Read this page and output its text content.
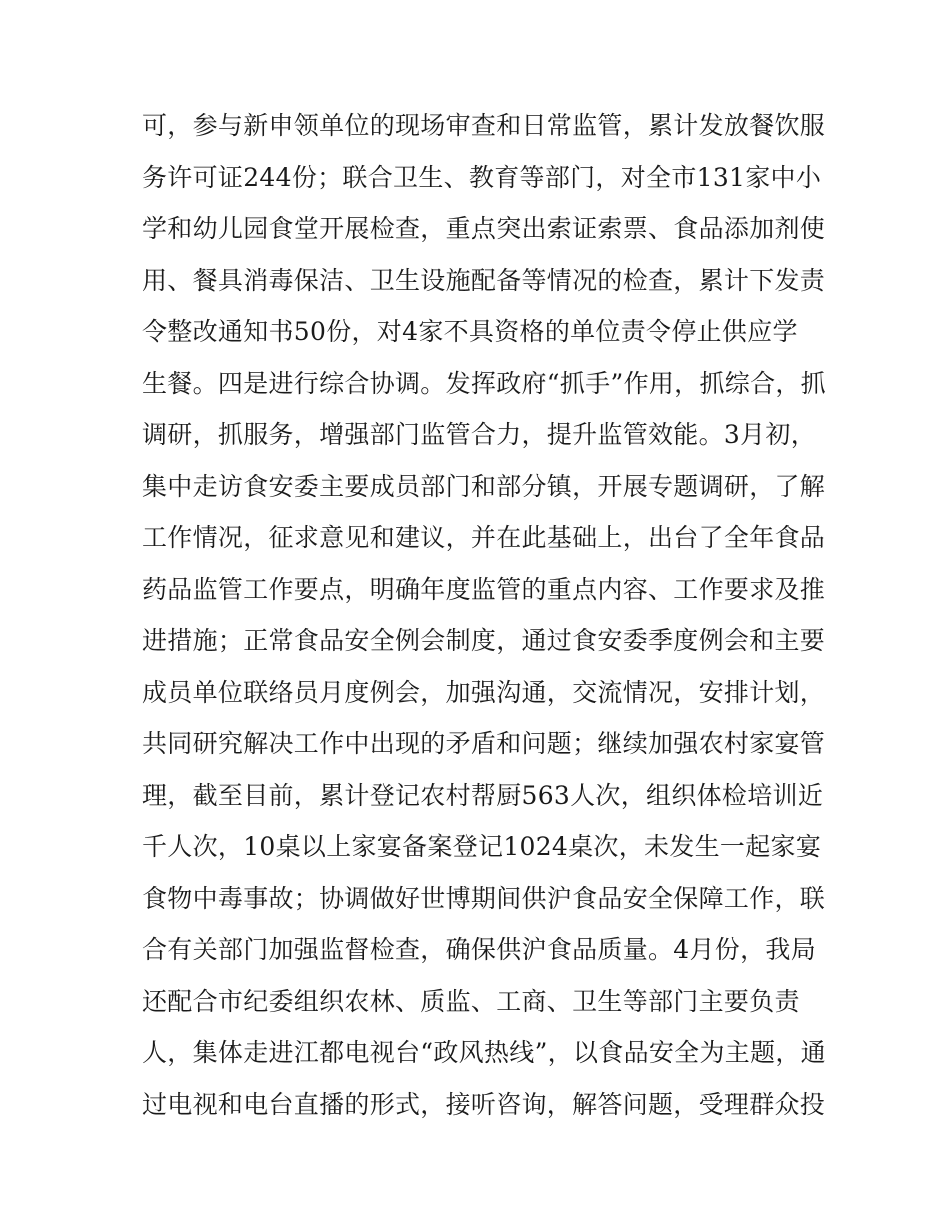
可，参与新申领单位的现场审查和日常监管，累计发放餐饮服
务许可证244份；联合卫生、教育等部门，对全市131家中小
学和幼儿园食堂开展检查，重点突出索证索票、食品添加剂使
用、餐具消毒保洁、卫生设施配备等情况的检查，累计下发责
令整改通知书50份，对4家不具资格的单位责令停止供应学
生餐。四是进行综合协调。发挥政府“抓手”作用，抓综合，抓
调研，抓服务，增强部门监管合力，提升监管效能。3月初，
集中走访食安委主要成员部门和部分镇，开展专题调研，了解
工作情况，征求意见和建议，并在此基础上，出台了全年食品
药品监管工作要点，明确年度监管的重点内容、工作要求及推
进措施；正常食品安全例会制度，通过食安委季度例会和主要
成员单位联络员月度例会，加强沟通，交流情况，安排计划，
共同研究解决工作中出现的矛盾和问题；继续加强农村家宴管
理，截至目前，累计登记农村帮厨563人次，组织体检培训近
千人次，10桌以上家宴备案登记1024桌次，未发生一起家宴
食物中毒事故；协调做好世博期间供沪食品安全保障工作，联
合有关部门加强监督检查，确保供沪食品质量。4月份，我局
还配合市纪委组织农林、质监、工商、卫生等部门主要负责
人，集体走进江都电视台“政风热线”，以食品安全为主题，通
过电视和电台直播的形式，接听咨询，解答问题，受理群众投
